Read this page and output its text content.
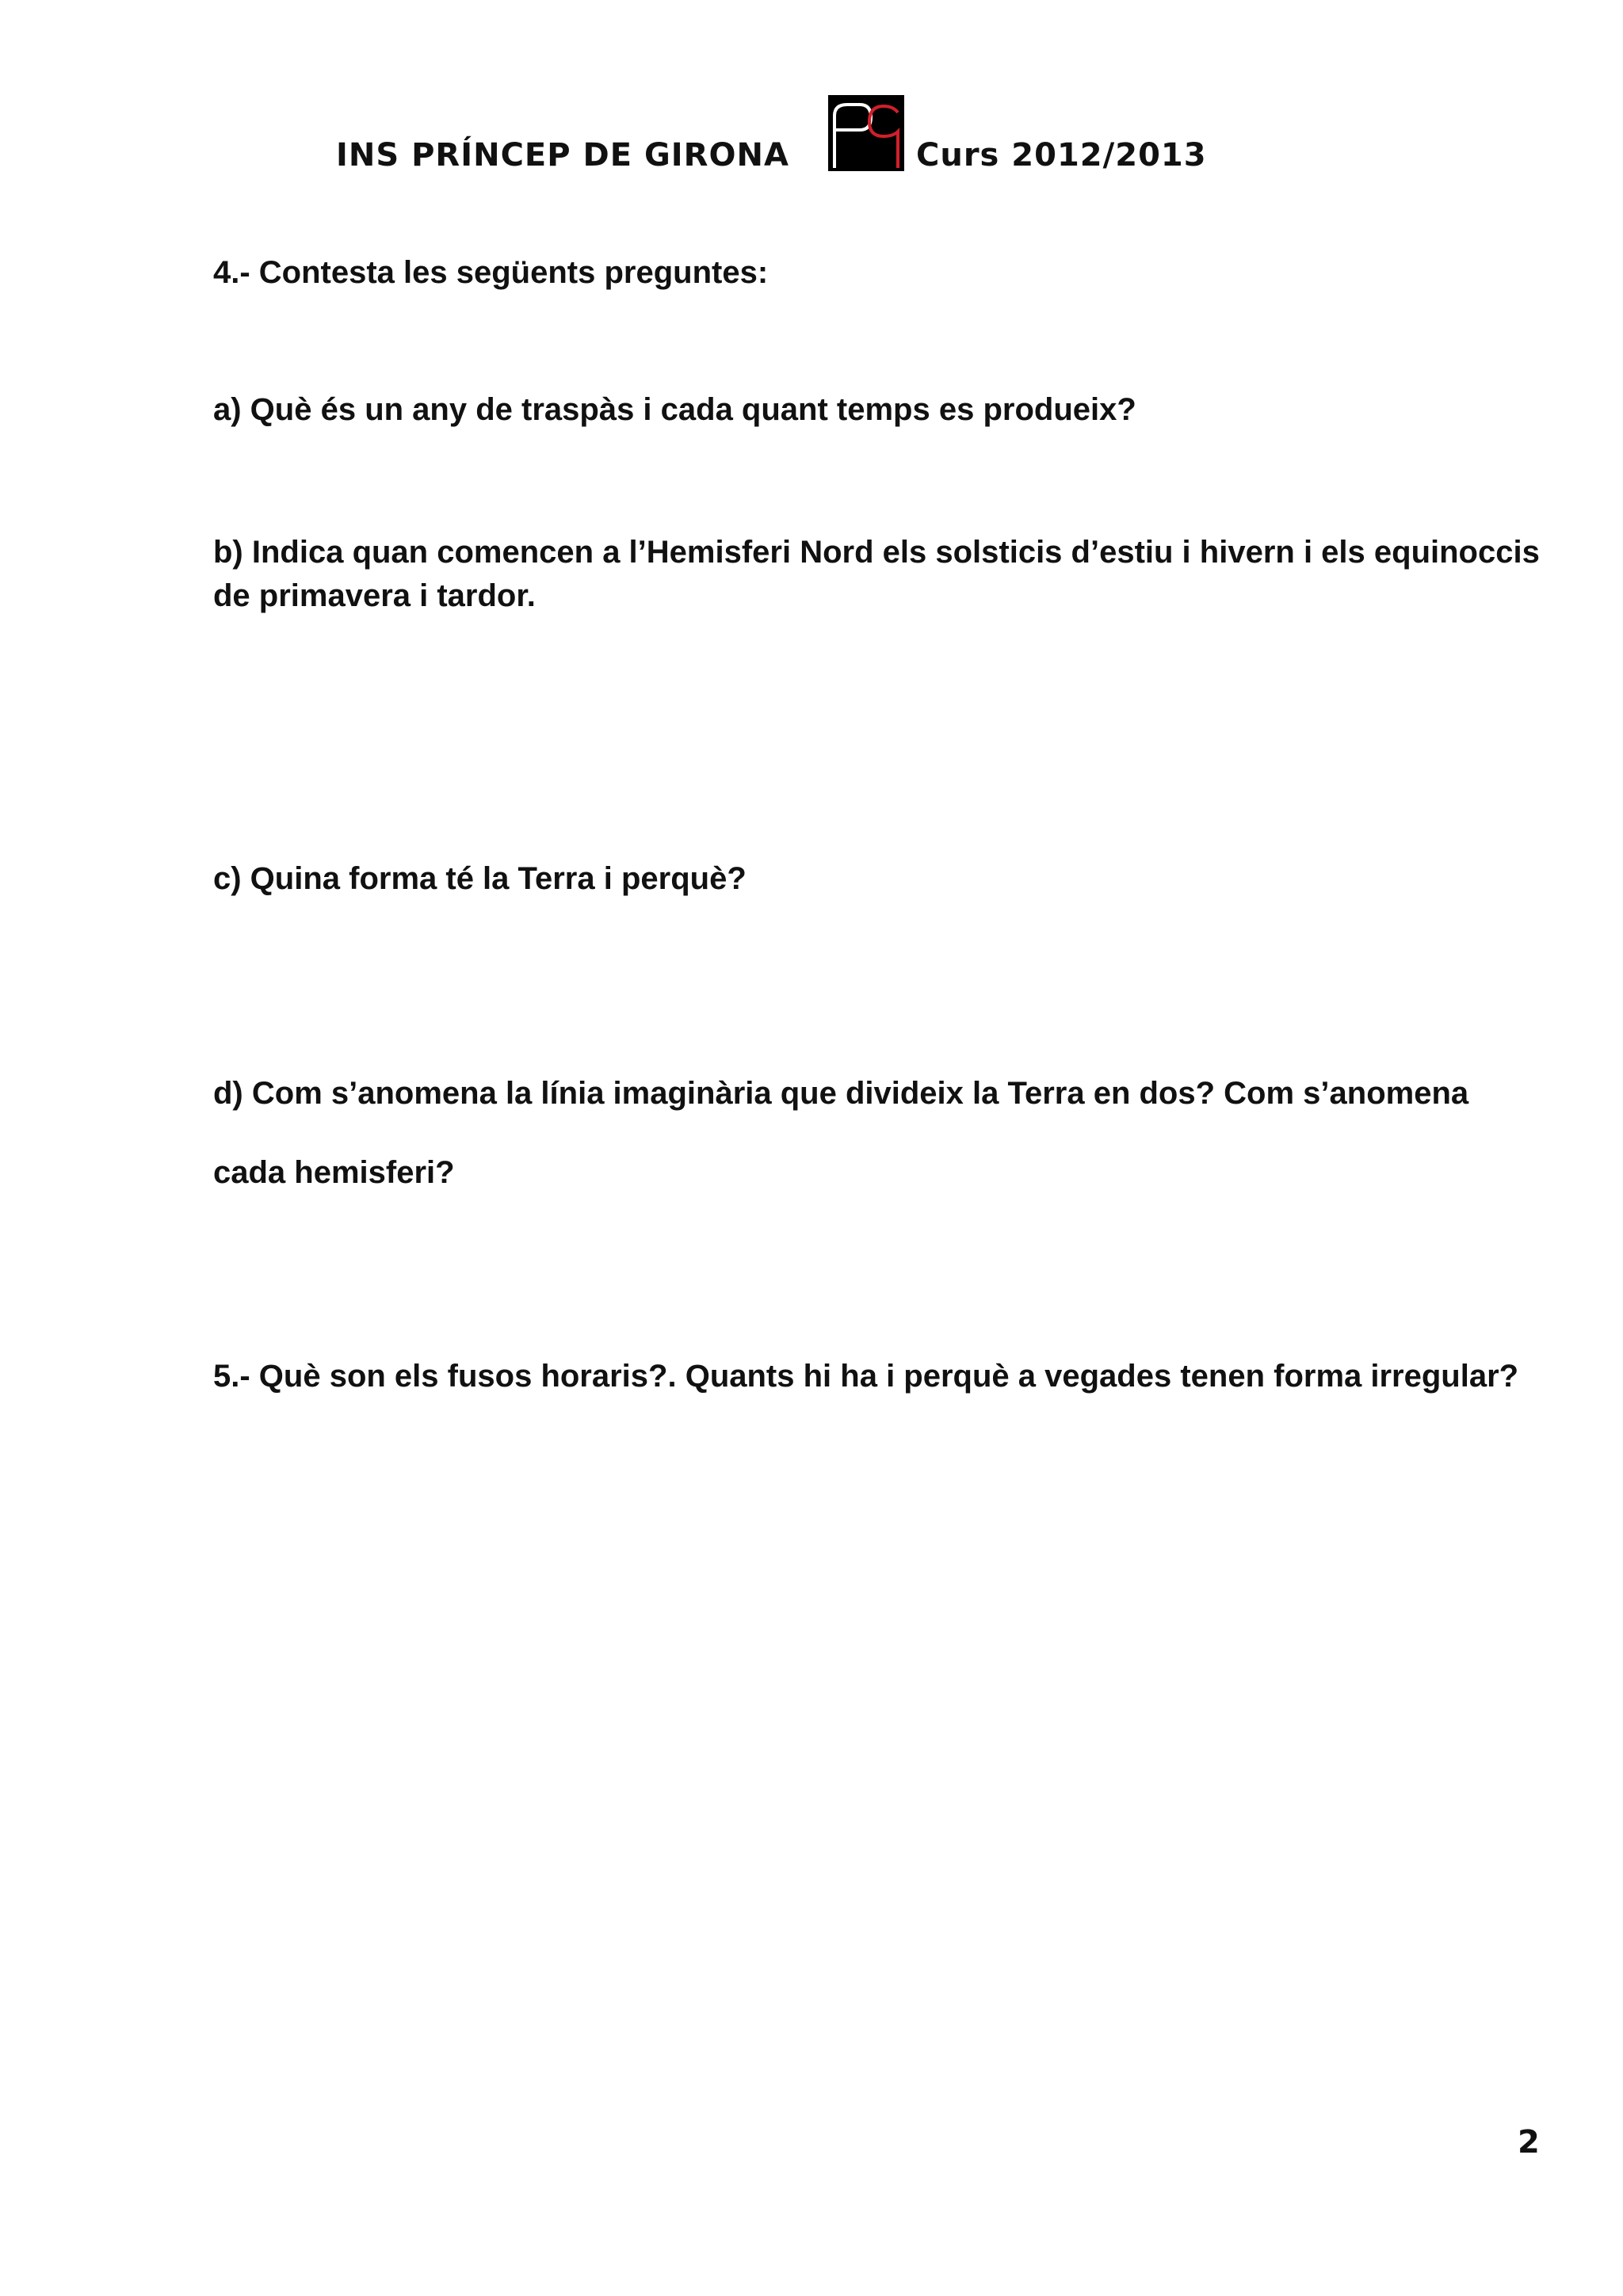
INS PRÍNCEP DE GIRONA	Curs 2012/2013

4.- Contesta les següents preguntes:

a) Què és un any de traspàs i cada quant temps es produeix?

b) Indica quan comencen a l’Hemisferi Nord els solsticis d’estiu i hivern i els equinoccis de primavera i tardor.

c) Quina forma té la Terra i perquè?

d) Com s’anomena la línia imaginària que divideix la Terra en dos? Com s’anomena cada hemisferi?

5.- Què son els fusos horaris?. Quants hi ha i perquè a vegades tenen forma irregular?

2
